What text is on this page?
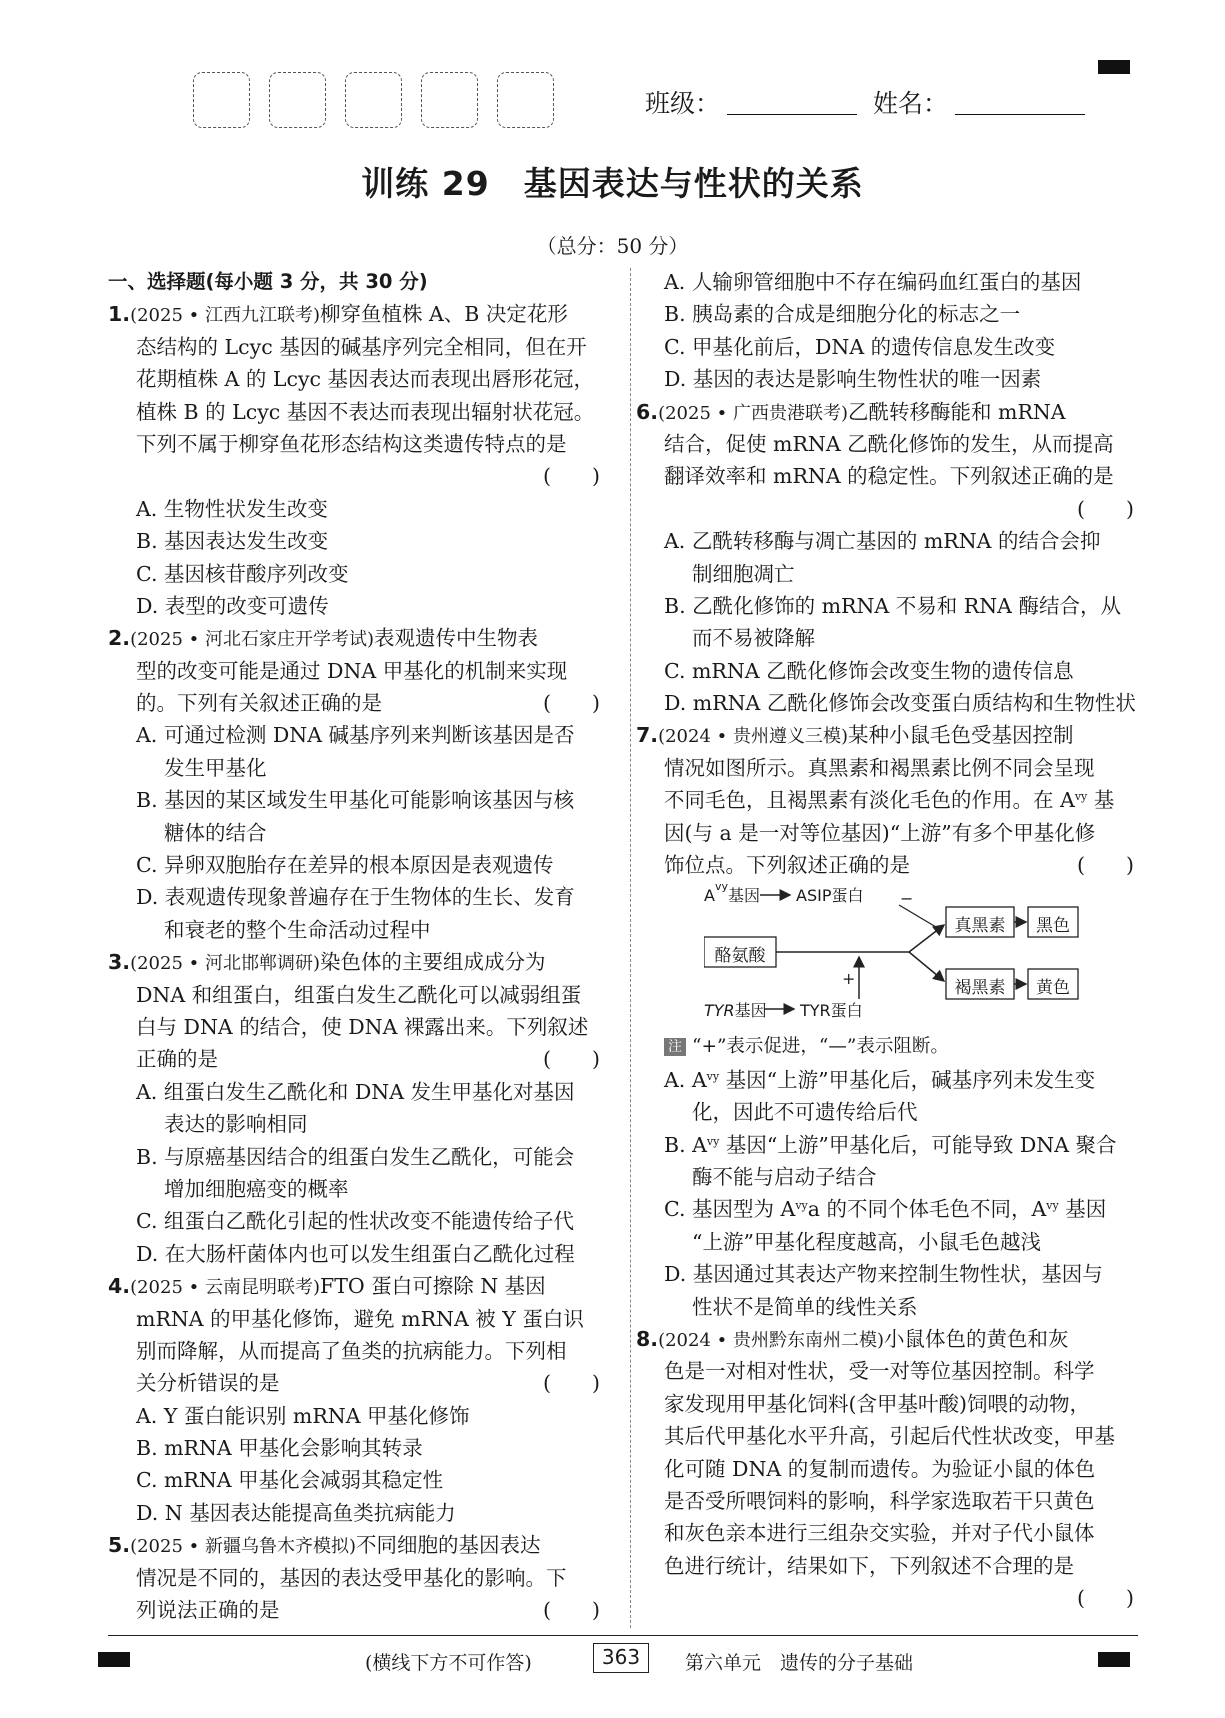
班级：	姓名：
训练 29　基因表达与性状的关系
（总分：50 分）
一、选择题(每小题 3 分，共 30 分)
1.(2025 • 江西九江联考)柳穿鱼植株 A、B 决定花形
态结构的 Lcyc 基因的碱基序列完全相同，但在开
花期植株 A 的 Lcyc 基因表达而表现出唇形花冠，
植株 B 的 Lcyc 基因不表达而表现出辐射状花冠。
下列不属于柳穿鱼花形态结构这类遗传特点的是
(　　)
A. 生物性状发生改变
B. 基因表达发生改变
C. 基因核苷酸序列改变
D. 表型的改变可遗传
2.(2025 • 河北石家庄开学考试)表观遗传中生物表
型的改变可能是通过 DNA 甲基化的机制来实现
的。下列有关叙述正确的是	(　　)
A. 可通过检测 DNA 碱基序列来判断该基因是否
发生甲基化
B. 基因的某区域发生甲基化可能影响该基因与核
糖体的结合
C. 异卵双胞胎存在差异的根本原因是表观遗传
D. 表观遗传现象普遍存在于生物体的生长、发育
和衰老的整个生命活动过程中
3.(2025 • 河北邯郸调研)染色体的主要组成成分为
DNA 和组蛋白，组蛋白发生乙酰化可以减弱组蛋
白与 DNA 的结合，使 DNA 裸露出来。下列叙述
正确的是	(　　)
A. 组蛋白发生乙酰化和 DNA 发生甲基化对基因
表达的影响相同
B. 与原癌基因结合的组蛋白发生乙酰化，可能会
增加细胞癌变的概率
C. 组蛋白乙酰化引起的性状改变不能遗传给子代
D. 在大肠杆菌体内也可以发生组蛋白乙酰化过程
4.(2025 • 云南昆明联考)FTO 蛋白可擦除 N 基因
mRNA 的甲基化修饰，避免 mRNA 被 Y 蛋白识
别而降解，从而提高了鱼类的抗病能力。下列相
关分析错误的是	(　　)
A. Y 蛋白能识别 mRNA 甲基化修饰
B. mRNA 甲基化会影响其转录
C. mRNA 甲基化会减弱其稳定性
D. N 基因表达能提高鱼类抗病能力
5.(2025 • 新疆乌鲁木齐模拟)不同细胞的基因表达
情况是不同的，基因的表达受甲基化的影响。下
列说法正确的是	(　　)
A. 人输卵管细胞中不存在编码血红蛋白的基因
B. 胰岛素的合成是细胞分化的标志之一
C. 甲基化前后，DNA 的遗传信息发生改变
D. 基因的表达是影响生物性状的唯一因素
6.(2025 • 广西贵港联考)乙酰转移酶能和 mRNA
结合，促使 mRNA 乙酰化修饰的发生，从而提高
翻译效率和 mRNA 的稳定性。下列叙述正确的是
(　　)
A. 乙酰转移酶与凋亡基因的 mRNA 的结合会抑
制细胞凋亡
B. 乙酰化修饰的 mRNA 不易和 RNA 酶结合，从
而不易被降解
C. mRNA 乙酰化修饰会改变生物的遗传信息
D. mRNA 乙酰化修饰会改变蛋白质结构和生物性状
7.(2024 • 贵州遵义三模)某种小鼠毛色受基因控制
情况如图所示。真黑素和褐黑素比例不同会呈现
不同毛色，且褐黑素有淡化毛色的作用。在 $A^{vy}$ 基
因(与 a 是一对等位基因)“上游”有多个甲基化修
饰位点。下列叙述正确的是	(　　)
$A^{vy}$基因 ASIP蛋白 −
酪氨酸
+
TYR基因 TYR蛋白
真黑素	黑色
褐黑素	黄色
注 “+”表示促进，“—”表示阻断。
A. $A^{vy}$ 基因“上游”甲基化后，碱基序列未发生变
化，因此不可遗传给后代
B. $A^{vy}$ 基因“上游”甲基化后，可能导致 DNA 聚合
酶不能与启动子结合
C. 基因型为 $A^{vy}a$ 的不同个体毛色不同，$A^{vy}$ 基因
“上游”甲基化程度越高，小鼠毛色越浅
D. 基因通过其表达产物来控制生物性状，基因与
性状不是简单的线性关系
8.(2024 • 贵州黔东南州二模)小鼠体色的黄色和灰
色是一对相对性状，受一对等位基因控制。科学
家发现用甲基化饲料(含甲基叶酸)饲喂的动物，
其后代甲基化水平升高，引起后代性状改变，甲基
化可随 DNA 的复制而遗传。为验证小鼠的体色
是否受所喂饲料的影响，科学家选取若干只黄色
和灰色亲本进行三组杂交实验，并对子代小鼠体
色进行统计，结果如下，下列叙述不合理的是
(　　)
(横线下方不可作答)	363	第六单元　遗传的分子基础
